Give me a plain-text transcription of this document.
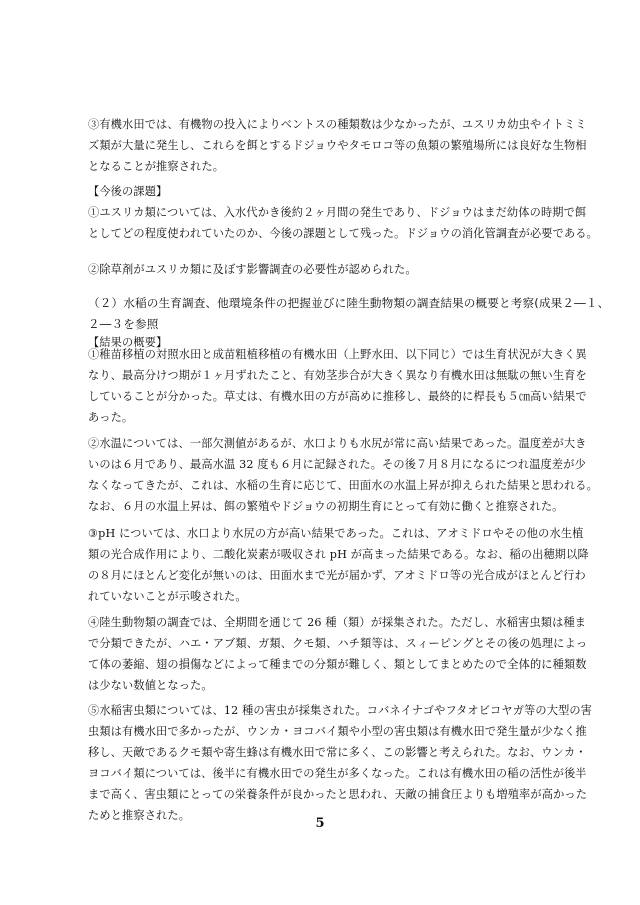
③有機水田では、有機物の投入によりベントスの種類数は少なかったが、ユスリカ幼虫やイトミミ
ズ類が大量に発生し、これらを餌とするドジョウやタモロコ等の魚類の繁殖場所には良好な生物相
となることが推察された。
【今後の課題】
①ユスリカ類については、入水代かき後約２ヶ月間の発生であり、ドジョウはまだ幼体の時期で餌
としてどの程度使われていたのか、今後の課題として残った。ドジョウの消化管調査が必要である。
②除草剤がユスリカ類に及ぼす影響調査の必要性が認められた。
（２）水稲の生育調査、他環境条件の把握並びに陸生動物類の調査結果の概要と考察(成果２―１、
２―３を参照
【結果の概要】
①稚苗移植の対照水田と成苗粗植移植の有機水田（上野水田、以下同じ）では生育状況が大きく異
なり、最高分けつ期が１ヶ月ずれたこと、有効茎歩合が大きく異なり有機水田は無駄の無い生育を
していることが分かった。草丈は、有機水田の方が高めに推移し、最終的に桿長も５㎝高い結果で
あった。
②水温については、一部欠測値があるが、水口よりも水尻が常に高い結果であった。温度差が大き
いのは６月であり、最高水温 32 度も６月に記録された。その後７月８月になるにつれ温度差が少
なくなってきたが、これは、水稲の生育に応じて、田面水の水温上昇が抑えられた結果と思われる。
なお、６月の水温上昇は、餌の繁殖やドジョウの初期生育にとって有効に働くと推察された。
③pH については、水口より水尻の方が高い結果であった。これは、アオミドロやその他の水生植
類の光合成作用により、二酸化炭素が吸収され pH が高まった結果である。なお、稲の出穂期以降
の８月にほとんど変化が無いのは、田面水まで光が届かず、アオミドロ等の光合成がほとんど行わ
れていないことが示唆された。
④陸生動物類の調査では、全期間を通じて 26 種（類）が採集された。ただし、水稲害虫類は種ま
で分類できたが、ハエ・アブ類、ガ類、クモ類、ハチ類等は、スィーピングとその後の処理によっ
て体の萎縮、翅の損傷などによって種までの分類が難しく、類としてまとめたので全体的に種類数
は少ない数値となった。
⑤水稲害虫類については、12 種の害虫が採集された。コバネイナゴやフタオビコヤガ等の大型の害
虫類は有機水田で多かったが、ウンカ・ヨコバイ類や小型の害虫類は有機水田で発生量が少なく推
移し、天敵であるクモ類や寄生蜂は有機水田で常に多く、この影響と考えられた。なお、ウンカ・
ヨコバイ類については、後半に有機水田での発生が多くなった。これは有機水田の稲の活性が後半
まで高く、害虫類にとっての栄養条件が良かったと思われ、天敵の捕食圧よりも増殖率が高かった
ためと推察された。
5
